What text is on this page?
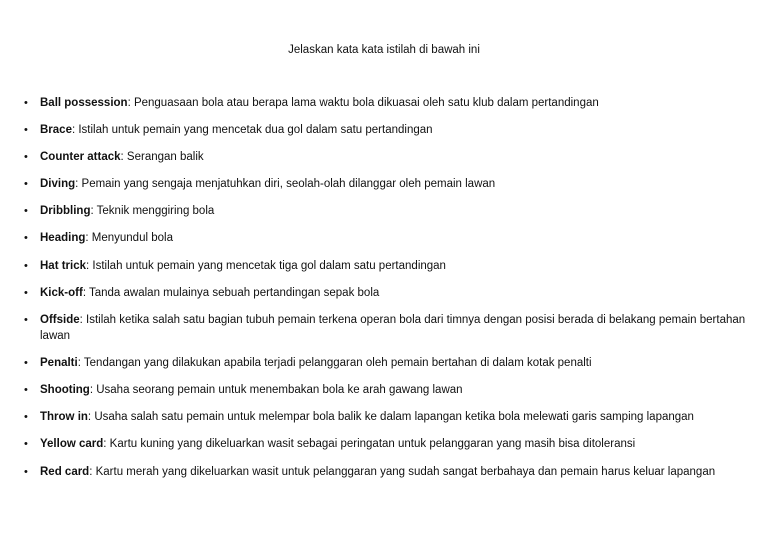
Jelaskan kata kata istilah di bawah ini
• Ball possession: Penguasaan bola atau berapa lama waktu bola dikuasai oleh satu klub dalam pertandingan
• Brace: Istilah untuk pemain yang mencetak dua gol dalam satu pertandingan
• Counter attack: Serangan balik
• Diving: Pemain yang sengaja menjatuhkan diri, seolah-olah dilanggar oleh pemain lawan
• Dribbling: Teknik menggiring bola
• Heading: Menyundul bola
• Hat trick: Istilah untuk pemain yang mencetak tiga gol dalam satu pertandingan
• Kick-off: Tanda awalan mulainya sebuah pertandingan sepak bola
• Offside: Istilah ketika salah satu bagian tubuh pemain terkena operan bola dari timnya dengan posisi berada di belakang pemain bertahan lawan
• Penalti: Tendangan yang dilakukan apabila terjadi pelanggaran oleh pemain bertahan di dalam kotak penalti
• Shooting: Usaha seorang pemain untuk menembakan bola ke arah gawang lawan
• Throw in: Usaha salah satu pemain untuk melempar bola balik ke dalam lapangan ketika bola melewati garis samping lapangan
• Yellow card: Kartu kuning yang dikeluarkan wasit sebagai peringatan untuk pelanggaran yang masih bisa ditoleransi
• Red card: Kartu merah yang dikeluarkan wasit untuk pelanggaran yang sudah sangat berbahaya dan pemain harus keluar lapangan
